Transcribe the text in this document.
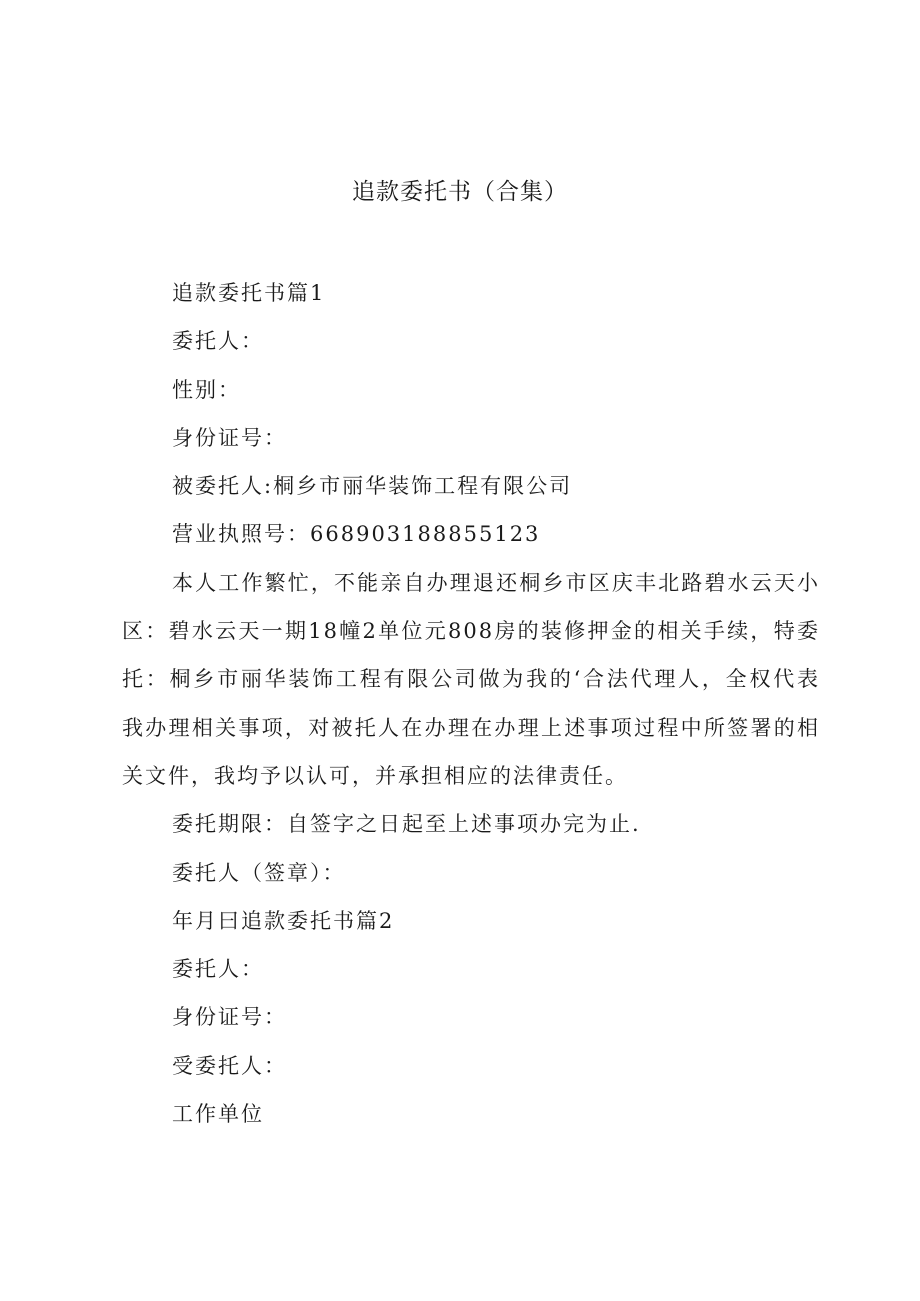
追款委托书（合集）

追款委托书篇1

委托人：

性别：

身份证号：

被委托人:桐乡市丽华装饰工程有限公司

营业执照号：668903188855123

本人工作繁忙，不能亲自办理退还桐乡市区庆丰北路碧水云天小区：碧水云天一期18幢2单位元808房的装修押金的相关手续，特委托：桐乡市丽华装饰工程有限公司做为我的‘合法代理人，全权代表我办理相关事项，对被托人在办理在办理上述事项过程中所签署的相关文件，我均予以认可，并承担相应的法律责任。

委托期限：自签字之日起至上述事项办完为止.

委托人（签章）：

年月曰追款委托书篇2

委托人：

身份证号：

受委托人：

工作单位
